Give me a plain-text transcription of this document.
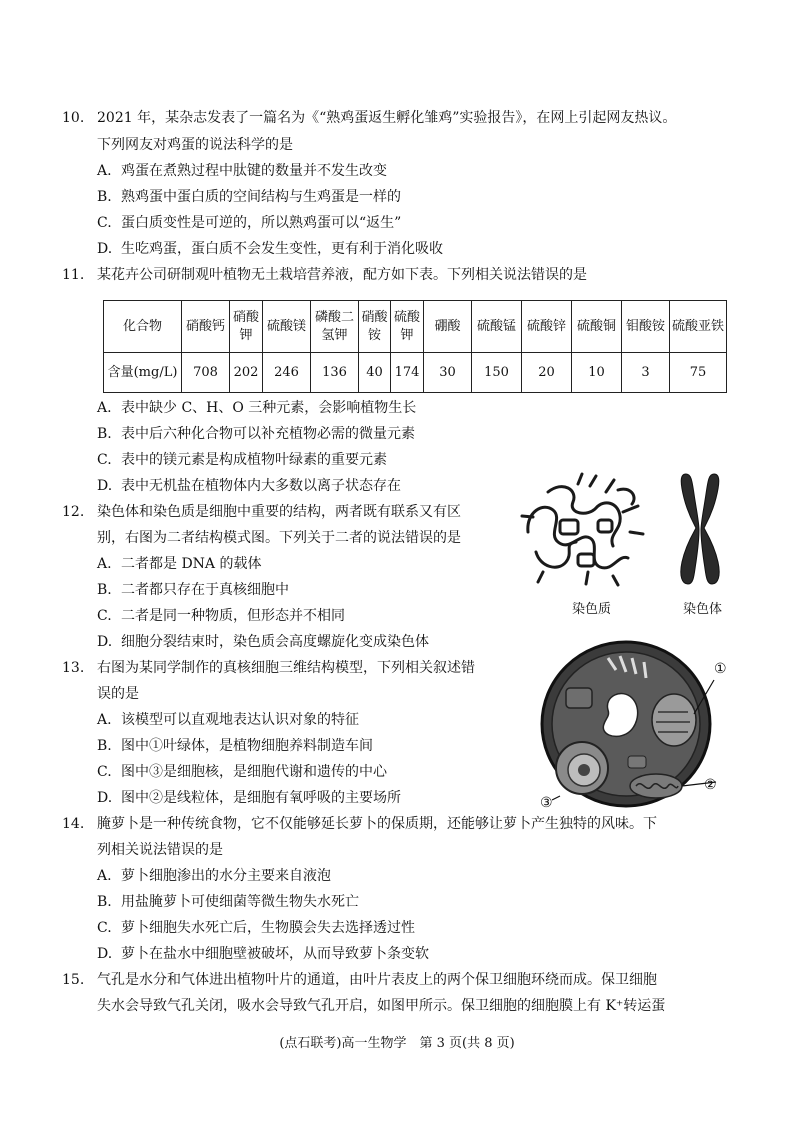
10. 2021 年，某杂志发表了一篇名为《“熟鸡蛋返生孵化雏鸡”实验报告》，在网上引起网友热议。
下列网友对鸡蛋的说法科学的是
A. 鸡蛋在煮熟过程中肽键的数量并不发生改变
B. 熟鸡蛋中蛋白质的空间结构与生鸡蛋是一样的
C. 蛋白质变性是可逆的，所以熟鸡蛋可以“返生”
D. 生吃鸡蛋，蛋白质不会发生变性，更有利于消化吸收
11. 某花卉公司研制观叶植物无土栽培营养液，配方如下表。下列相关说法错误的是
化合物	硝酸钙	硝酸钾	硫酸镁	磷酸二氢钾	硝酸铵	硫酸钾	硼酸	硫酸锰	硫酸锌	硫酸铜	钼酸铵	硫酸亚铁
含量(mg/L)	708	202	246	136	40	174	30	150	20	10	3	75
A. 表中缺少 C、H、O 三种元素，会影响植物生长
B. 表中后六种化合物可以补充植物必需的微量元素
C. 表中的镁元素是构成植物叶绿素的重要元素
D. 表中无机盐在植物体内大多数以离子状态存在
12. 染色体和染色质是细胞中重要的结构，两者既有联系又有区
别，右图为二者结构模式图。下列关于二者的说法错误的是
A. 二者都是 DNA 的载体
B. 二者都只存在于真核细胞中
C. 二者是同一种物质，但形态并不相同
D. 细胞分裂结束时，染色质会高度螺旋化变成染色体
染色质	染色体
13. 右图为某同学制作的真核细胞三维结构模型，下列相关叙述错
误的是
A. 该模型可以直观地表达认识对象的特征
B. 图中①叶绿体，是植物细胞养料制造车间
C. 图中③是细胞核，是细胞代谢和遗传的中心
D. 图中②是线粒体，是细胞有氧呼吸的主要场所
①
②
③
14. 腌萝卜是一种传统食物，它不仅能够延长萝卜的保质期，还能够让萝卜产生独特的风味。下
列相关说法错误的是
A. 萝卜细胞渗出的水分主要来自液泡
B. 用盐腌萝卜可使细菌等微生物失水死亡
C. 萝卜细胞失水死亡后，生物膜会失去选择透过性
D. 萝卜在盐水中细胞壁被破坏，从而导致萝卜条变软
15. 气孔是水分和气体进出植物叶片的通道，由叶片表皮上的两个保卫细胞环绕而成。保卫细胞
失水会导致气孔关闭，吸水会导致气孔开启，如图甲所示。保卫细胞的细胞膜上有 K⁺转运蛋
(点石联考)高一生物学　第 3 页(共 8 页)
